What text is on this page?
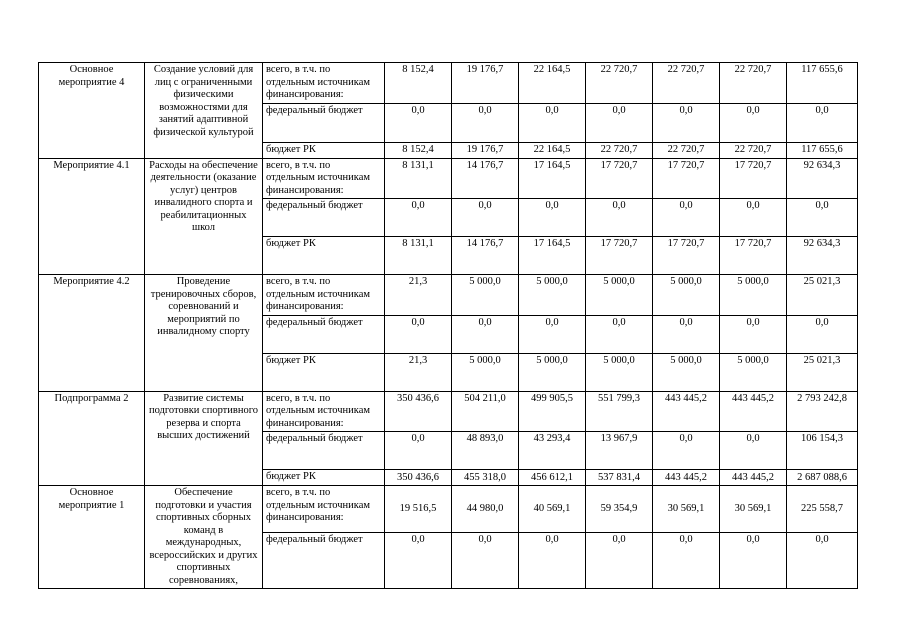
Основное мероприятие 4	Создание условий для лиц с ограниченными физическими возможностями для занятий адаптивной физической культурой	всего, в т.ч. по отдельным источникам финансирования:	8 152,4	19 176,7	22 164,5	22 720,7	22 720,7	22 720,7	117 655,6
		федеральный бюджет	0,0	0,0	0,0	0,0	0,0	0,0	0,0
		бюджет РК	8 152,4	19 176,7	22 164,5	22 720,7	22 720,7	22 720,7	117 655,6
Мероприятие 4.1	Расходы на обеспечение деятельности (оказание услуг) центров инвалидного спорта и реабилитационных школ	всего, в т.ч. по отдельным источникам финансирования:	8 131,1	14 176,7	17 164,5	17 720,7	17 720,7	17 720,7	92 634,3
		федеральный бюджет	0,0	0,0	0,0	0,0	0,0	0,0	0,0
		бюджет РК	8 131,1	14 176,7	17 164,5	17 720,7	17 720,7	17 720,7	92 634,3
Мероприятие 4.2	Проведение тренировочных сборов, соревнований и мероприятий по инвалидному спорту	всего, в т.ч. по отдельным источникам финансирования:	21,3	5 000,0	5 000,0	5 000,0	5 000,0	5 000,0	25 021,3
		федеральный бюджет	0,0	0,0	0,0	0,0	0,0	0,0	0,0
		бюджет РК	21,3	5 000,0	5 000,0	5 000,0	5 000,0	5 000,0	25 021,3
Подпрограмма 2	Развитие системы подготовки спортивного резерва и спорта высших достижений	всего, в т.ч. по отдельным источникам финансирования:	350 436,6	504 211,0	499 905,5	551 799,3	443 445,2	443 445,2	2 793 242,8
		федеральный бюджет	0,0	48 893,0	43 293,4	13 967,9	0,0	0,0	106 154,3
		бюджет РК	350 436,6	455 318,0	456 612,1	537 831,4	443 445,2	443 445,2	2 687 088,6
Основное мероприятие 1	Обеспечение подготовки и участия спортивных сборных команд в международных, всероссийских и других спортивных соревнованиях,	всего, в т.ч. по отдельным источникам финансирования:	19 516,5	44 980,0	40 569,1	59 354,9	30 569,1	30 569,1	225 558,7
		федеральный бюджет	0,0	0,0	0,0	0,0	0,0	0,0	0,0
